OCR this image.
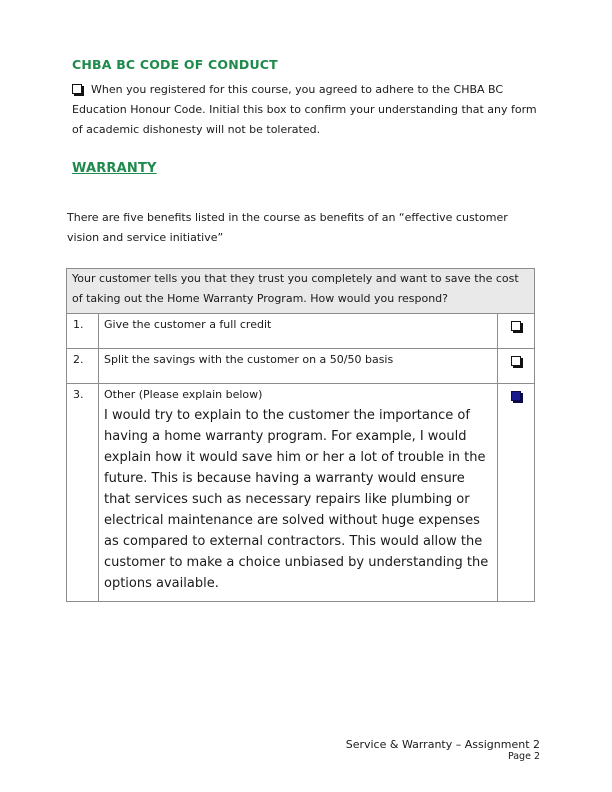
CHBA BC CODE OF CONDUCT
When you registered for this course, you agreed to adhere to the CHBA BC Education Honour Code. Initial this box to confirm your understanding that any form of academic dishonesty will not be tolerated.
WARRANTY
There are five benefits listed in the course as benefits of an “effective customer vision and service initiative”
Your customer tells you that they trust you completely and want to save the cost of taking out the Home Warranty Program. How would you respond?		
1.	Give the customer a full credit	
2.	Split the savings with the customer on a 50/50 basis	
3.	Other (Please explain below)
I would try to explain to the customer the importance of having a home warranty program. For example, I would explain how it would save him or her a lot of trouble in the future. This is because having a warranty would ensure that services such as necessary repairs like plumbing or electrical maintenance are solved without huge expenses as compared to external contractors. This would allow the customer to make a choice unbiased by understanding the options available.	

Service & Warranty – Assignment 2
Page 2
